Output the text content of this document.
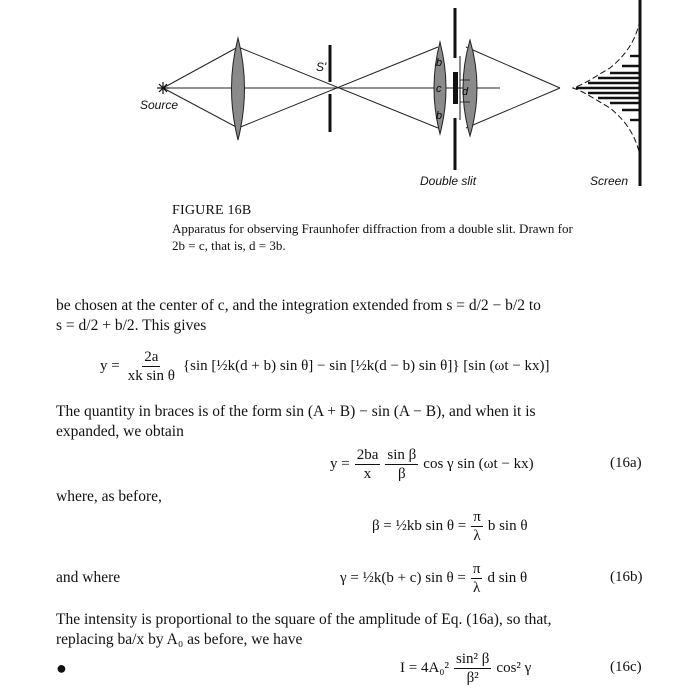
b
c
b
d
Source
S'
Double slit	Screen
FIGURE 16B
Apparatus for observing Fraunhofer diffraction from a double slit. Drawn for
2b = c, that is, d = 3b.
be chosen at the center of c, and the integration extended from s = d/2 − b/2 to
s = d/2 + b/2. This gives
$y = \frac{2a}{\text{xk sin θ}} \{\sin$ [½k(d + b) sin θ] − sin [½k(d − b) sin θ]} [sin (ωt − kx)]
The quantity in braces is of the form sin (A + B) − sin (A − B), and when it is
expanded, we obtain
$y = \frac{2ba}{x} \frac{\text{sin β}}{\beta}$ cos γ sin (ωt − kx)	(16a)
where, as before,
β = ½kb $\sin \theta = \frac{\pi}{\lambda}$ b sin θ
and where	γ = ½k(b + c) $\sin \theta = \frac{\pi}{\lambda}$ d sin θ	(16b)
The intensity is proportional to the square of the amplitude of Eq. (16a), so that,
replacing ba/x by A₀ as before, we have
●	$I = 4A_0^2 \frac{\text{sin² β}}{\text{β²}} \cos^2$ γ	(16c)
